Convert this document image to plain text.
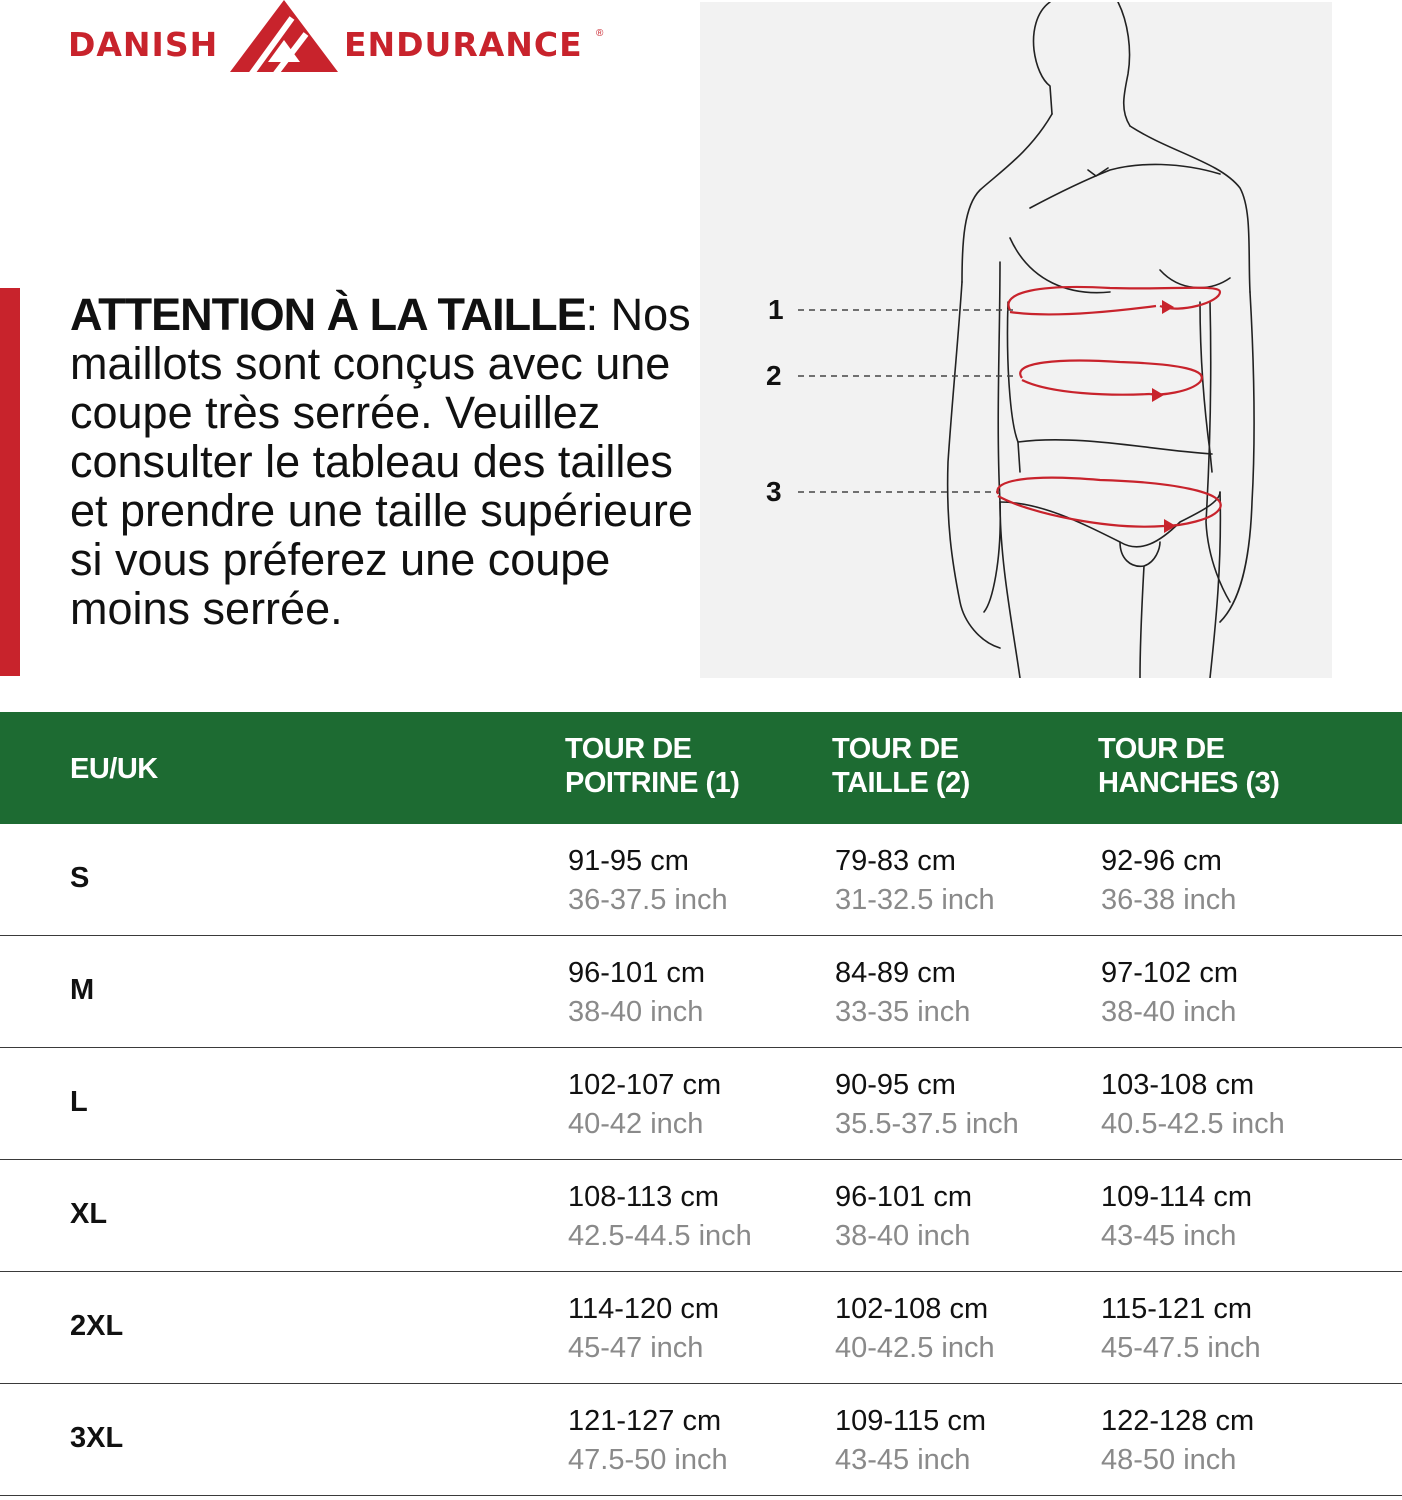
DANISH	ENDURANCE ®
ATTENTION À LA TAILLE: Nos maillots sont conçus avec une coupe très serrée. Veuillez consulter le tableau des tailles et prendre une taille supérieure si vous préferez une coupe moins serrée.
1
2
3
EU/UK
TOUR DE
POITRINE (1)
TOUR DE
TAILLE (2)
TOUR DE
HANCHES (3)
S
91-95 cm
36-37.5 inch
79-83 cm
31-32.5 inch
92-96 cm
36-38 inch
M
96-101 cm
38-40 inch
84-89 cm
33-35 inch
97-102 cm
38-40 inch
L
102-107 cm
40-42 inch
90-95 cm
35.5-37.5 inch
103-108 cm
40.5-42.5 inch
XL
108-113 cm
42.5-44.5 inch
96-101 cm
38-40 inch
109-114 cm
43-45 inch
2XL
114-120 cm
45-47 inch
102-108 cm
40-42.5 inch
115-121 cm
45-47.5 inch
3XL
121-127 cm
47.5-50 inch
109-115 cm
43-45 inch
122-128 cm
48-50 inch
